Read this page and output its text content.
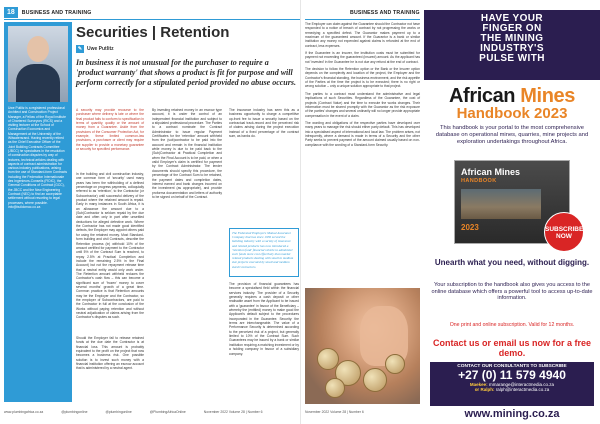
18	BUSINESS AND TRAINING
Uwe Putlitz is a registered professional Architect and Construction Project Manager, a Fellow of the Royal Institute of Chartered Surveyors (RICS) and a visiting lecturer at the School of Construction Economics and Management at the University of the Witwatersrand. Having recently retired as the Chief Executive Officer of the Joint Building Contracts Committee (JBCC) he specialises in the resolution of construction disputes by way of lectures, technical articles dealing with aspects of contract administration for various industry publications, arising from the use of Standard-form Contracts including the Federation Internationale des Ingenieurs-Conseils (FIDIC), the General Conditions of Contract (GCC), the JBCC and the New Engineering Contract (NEC) to find an acceptable settlement without resorting to legal processes, where possible. info@buildcmac.co.za
Securities | Retention
✎ Uwe Putlitz
In business it is not unusual for the purchaser to require a 'product warranty' that shows a product is fit for purpose and will perform correctly for a stipulated period provided no abuse occurs.

A security may provide recourse to the purchaser where delivery is late or where the final product fails to conform to specification in terms of quantity, quality or the amount of money from a Guarantee. Aside from the provisions of the Consumer Protection Act, for example, these limited common-law provisions, a purchaser or client may require the supplier to provide a monetary guarantee or security for specified performance.

In the building and civil construction industry, one common form of 'security' used many years has been the withholding of a defined percentage on progress payments, colloquially referred to as 'retention', to the Contractor (or Subcontractor) until successful delivery of the product where the retained amount is repaid. Early in many instances in South Africa, it is an allowance the amount due to a (Sub)Contractor is seldom repaid by the due date and often only in part after unsettled deductions for alleged defective work. Where the Contractor has not made good identified defects, the Employer may appoint others paid for using the retained money. Most Standard-form building and civil Contracts, describe the Retention process (in) withhold 10% of the amount certified for payment to the Contractor until 5% of the Contract Sum is reached, to repay 2.5% at Practical Completion and include the remaining 2.5% in the Final Account) but not the repayment release time that a neutral entity would only work under. The Retention amount withheld reduces the Contractor's cash flow – this can become a significant sum of 'frozen' money to cover several months' growth of a great time. Common practice is that Retention amounts may be the Employer and the Contractor, so the employer of Subcontractors, are paid to the Contractor in full at the conclusion of the Works without paying retention and without neutral adjudication of claims arising from the Contractor's disputes as such.

Should the Employer fail to release retained funds at the due date the Contractor is at financial loss. This amount is probably equivalent to the profit on the project that now becomes a business risk. One possible solution is to invest such money with a financial institution offering an escrow account that is administered by a neutral agent.

By investing retained money in an escrow type account, it is under the control of an independent financial institution and subject to a stipulated professional procedure. The Parties to a contract nominate the Contract Administrator to issue regular Payment Certificates for the 'retention' amount withheld from the (sub)contractor to be paid into the account and remain in the financial institution while money is due to be paid back to the (Sub)Contractor at Practical Completion and when the Final Account is to be paid, or when a valid Employer's claim is certified for payment by the Contract Administrator. The lender documents should specify this procedure, the percentage of the Contract Sum to be retained, the payment dates and completion dates, interest earned and bank charges incurred on the investment (as appropriate), and provide proforma documentation and letters of authority to be signed on behalf of the Contract.

The insurance industry has seen this as a business opportunity to charge a competitive up-front fee to issue a security based on the contractual track-record and the perceived risk of claims arising during the project execution instead of a fixed percentage of the contract sum, as banks do.

The Federated Employers Mutual Assurance Company that has since 1936 served the building industry with a variety of insurance and related products has now introduced a 'retention fund' financial vehicle to administer such funds more cost effectively than market related products dealing with small to medium size projects executed by small and medium sized Contractors.

The provision of financial guarantees has become a specialised field within the financial services industry. The provider of a Security generally requires a cash deposit or other realisable asset from the Applicant to be issued with a 'guarantee' in favour of the Beneficiary – whereby the (entitled) money to make good the Applicant's default subject to the procedures incorporated in the Guarantee. Security: the terms are interchangeable. The value of a Performance Security is determined according to the perceived risk of a project, but generally limited to 10% of the Contract Sum. Such Guarantees may be issued by a bank or similar institution requiring a matching investment or by a holding company in favour of a subsidiary company.

www.plumbingafrica.co.za	@plumbingonline	@plumbingonline	@PlumbingAfricaOnline	November 2022 Volume 28 | Number 6
BUSINESS AND TRAINING

The Employer can claim against the Guarantee should the Contractor not have responded to a notice of breach of contract by not progressing the works or remedying a specified defect. The Guarantor makes payment up to a maximum of the guaranteed amount. If the Guarantor is a bank or similar institution any money not expended against claims is refunded at the end of contract, less expenses.

If the Guarantee is an insurer, the institution costs must be submitted for payment not exceeding the guaranteed (insured) amount. As the applicant has not 'invested' in the Guarantee he is not due any refund at the end of contract.

The decision to follow the Retention option or the Bank or the Insurer option depends on the complexity and location of the project, the Employer and the Contractor's financial standing, the business environment, and the risk appetite of the Parties at the time the project is to be executed; there is no right or wrong solution – only a unique solution appropriate to that project.

The parties to a contract must understand the administrative and legal implications of such Securities. Regardless of the Guarantee, the cost of projects (Contract Value) and the time to execute the works changes. Their information must be shared promptly with the Guarantor as the risk exposure of the parties' changes and several ordinarily will no longer provide appropriate compensation in the event of a claim.

The wording and obligations of the respective parties have developed over many years to manage the risk should either party default. This has developed into a specialised aspect of international and local law. The problem arises, not infrequently, where a demand is made in terms of a Security and the other Party seeks to prevent payment of the amount claimed usually based on non-compliance with the wording of a Standard-form Security.

November 2022 Volume 28 | Number 6
HAVE YOUR
FINGER ON
THE MINING
INDUSTRY'S
PULSE WITH
African Mines
Handbook 2023
This handbook is your portal to the most comprehensive database on operational mines, quarries, mine projects and exploration undertakings throughout Africa.
African Mines
HANDBOOK
2023	SUBSCRIBE NOW
Unearth what you need, without digging.
Your subscription to the handbook also gives you access to the online database which offers a powerful tool to access up-to-date information.
One print and online subscription. Valid for 12 months.
Contact us or email us now for a free demo.
CONTACT OUR CONSULTANTS TO SUBSCRIBE
+27 (0) 11 579 4940
Maekee: mmarange@interactmedia.co.za
or Ralph: ralph@interactmedia.co.za
www.mining.co.za
